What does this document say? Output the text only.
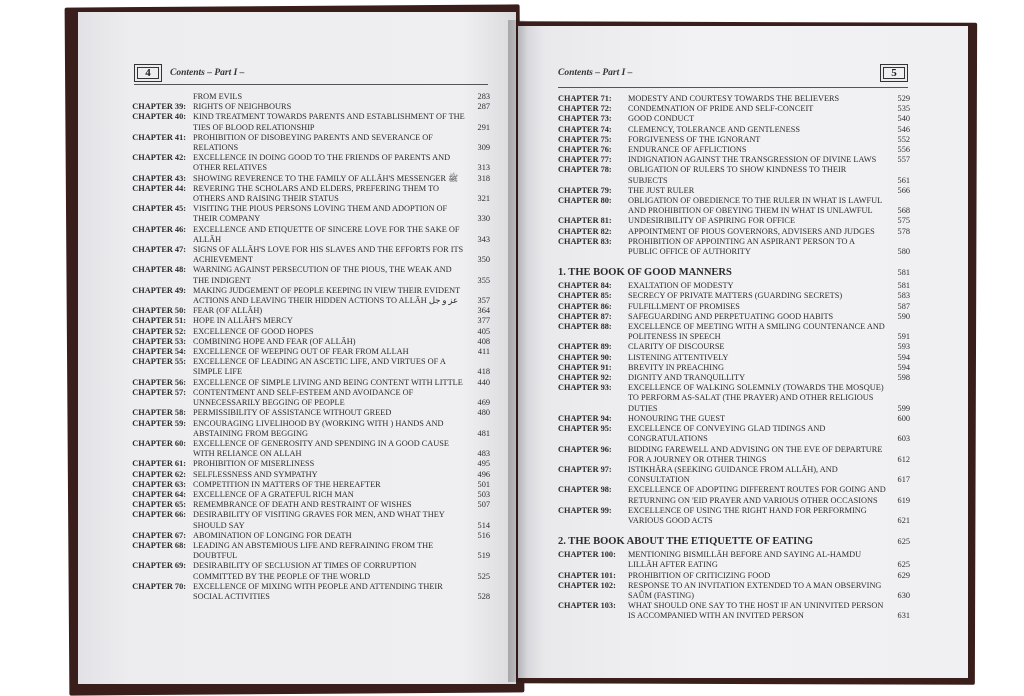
4	Contents – Part I –
FROM EVILS	283
CHAPTER 39: RIGHTS OF NEIGHBOURS	287
CHAPTER 40: KIND TREATMENT TOWARDS PARENTS AND ESTABLISHMENT OF THE TIES OF BLOOD RELATIONSHIP	291
CHAPTER 41: PROHIBITION OF DISOBEYING PARENTS AND SEVERANCE OF RELATIONS	309
CHAPTER 42: EXCELLENCE IN DOING GOOD TO THE FRIENDS OF PARENTS AND OTHER RELATIVES	313
CHAPTER 43: SHOWING REVERENCE TO THE FAMILY OF ALLĀH'S MESSENGER ﷺ	318
CHAPTER 44: REVERING THE SCHOLARS AND ELDERS, PREFERING THEM TO OTHERS AND RAISING THEIR STATUS	321
CHAPTER 45: VISITING THE PIOUS PERSONS LOVING THEM AND ADOPTION OF THEIR COMPANY	330
CHAPTER 46: EXCELLENCE AND ETIQUETTE OF SINCERE LOVE FOR THE SAKE OF ALLĀH	343
CHAPTER 47: SIGNS OF ALLĀH'S LOVE FOR HIS SLAVES AND THE EFFORTS FOR ITS ACHIEVEMENT	350
CHAPTER 48: WARNING AGAINST PERSECUTION OF THE PIOUS, THE WEAK AND THE INDIGENT	355
CHAPTER 49: MAKING JUDGEMENT OF PEOPLE KEEPING IN VIEW THEIR EVIDENT ACTIONS AND LEAVING THEIR HIDDEN ACTIONS TO ALLĀH عز و جل	357
CHAPTER 50: FEAR (OF ALLĀH)	364
CHAPTER 51: HOPE IN ALLĀH'S MERCY	377
CHAPTER 52: EXCELLENCE OF GOOD HOPES	405
CHAPTER 53: COMBINING HOPE AND FEAR (OF ALLĀH)	408
CHAPTER 54: EXCELLENCE OF WEEPING OUT OF FEAR FROM ALLAH	411
CHAPTER 55: EXCELLENCE OF LEADING AN ASCETIC LIFE, AND VIRTUES OF A SIMPLE LIFE	418
CHAPTER 56: EXCELLENCE OF SIMPLE LIVING AND BEING CONTENT WITH LITTLE	440
CHAPTER 57: CONTENTMENT AND SELF-ESTEEM AND AVOIDANCE OF UNNECESSARILY BEGGING OF PEOPLE	469
CHAPTER 58: PERMISSIBILITY OF ASSISTANCE WITHOUT GREED	480
CHAPTER 59: ENCOURAGING LIVELIHOOD BY (WORKING WITH ) HANDS AND ABSTAINING FROM BEGGING	481
CHAPTER 60: EXCELLENCE OF GENEROSITY AND SPENDING IN A GOOD CAUSE WITH RELIANCE ON ALLAH	483
CHAPTER 61: PROHIBITION OF MISERLINESS	495
CHAPTER 62: SELFLESSNESS AND SYMPATHY	496
CHAPTER 63: COMPETITION IN MATTERS OF THE HEREAFTER	501
CHAPTER 64: EXCELLENCE OF A GRATEFUL RICH MAN	503
CHAPTER 65: REMEMBRANCE OF DEATH AND RESTRAINT OF WISHES	507
CHAPTER 66: DESIRABILITY OF VISITING GRAVES FOR MEN, AND WHAT THEY SHOULD SAY	514
CHAPTER 67: ABOMINATION OF LONGING FOR DEATH	516
CHAPTER 68: LEADING AN ABSTEMIOUS LIFE AND REFRAINING FROM THE DOUBTFUL	519
CHAPTER 69: DESIRABILITY OF SECLUSION AT TIMES OF CORRUPTION COMMITTED BY THE PEOPLE OF THE WORLD	525
CHAPTER 70: EXCELLENCE OF MIXING WITH PEOPLE AND ATTENDING THEIR SOCIAL ACTIVITIES	528
Contents – Part I –	5
CHAPTER 71:	MODESTY AND COURTESY TOWARDS THE BELIEVERS	529
CHAPTER 72:	CONDEMNATION OF PRIDE AND SELF-CONCEIT	535
CHAPTER 73:	GOOD CONDUCT	540
CHAPTER 74:	CLEMENCY, TOLERANCE AND GENTLENESS	546
CHAPTER 75:	FORGIVENESS OF THE IGNORANT	552
CHAPTER 76:	ENDURANCE OF AFFLICTIONS	556
CHAPTER 77:	INDIGNATION AGAINST THE TRANSGRESSION OF DIVINE LAWS	557
CHAPTER 78:	OBLIGATION OF RULERS TO SHOW KINDNESS TO THEIR SUBJECTS	561
CHAPTER 79:	THE JUST RULER	566
CHAPTER 80:	OBLIGATION OF OBEDIENCE TO THE RULER IN WHAT IS LAWFUL AND PROHIBITION OF OBEYING THEM IN WHAT IS UNLAWFUL	568
CHAPTER 81:	UNDESIRIBILITY OF ASPIRING FOR OFFICE	575
CHAPTER 82:	APPOINTMENT OF PIOUS GOVERNORS, ADVISERS AND JUDGES	578
CHAPTER 83:	PROHIBITION OF APPOINTING AN ASPIRANT PERSON TO A PUBLIC OFFICE OF AUTHORITY	580
1. THE BOOK OF GOOD MANNERS	581
CHAPTER 84:	EXALTATION OF MODESTY	581
CHAPTER 85:	SECRECY OF PRIVATE MATTERS (GUARDING SECRETS)	583
CHAPTER 86:	FULFILLMENT OF PROMISES	587
CHAPTER 87:	SAFEGUARDING AND PERPETUATING GOOD HABITS	590
CHAPTER 88:	EXCELLENCE OF MEETING WITH A SMILING COUNTENANCE AND POLITENESS IN SPEECH	591
CHAPTER 89:	CLARITY OF DISCOURSE	593
CHAPTER 90:	LISTENING ATTENTIVELY	594
CHAPTER 91:	BREVITY IN PREACHING	594
CHAPTER 92:	DIGNITY AND TRANQUILLITY	598
CHAPTER 93:	EXCELLENCE OF WALKING SOLEMNLY (TOWARDS THE MOSQUE) TO PERFORM AS-SALAT (THE PRAYER) AND OTHER RELIGIOUS DUTIES	599
CHAPTER 94:	HONOURING THE GUEST	600
CHAPTER 95:	EXCELLENCE OF CONVEYING GLAD TIDINGS AND CONGRATULATIONS	603
CHAPTER 96:	BIDDING FAREWELL AND ADVISING ON THE EVE OF DEPARTURE FOR A JOURNEY OR OTHER THINGS	612
CHAPTER 97:	ISTIKHĀRA (SEEKING GUIDANCE FROM ALLĀH), AND CONSULTATION	617
CHAPTER 98:	EXCELLENCE OF ADOPTING DIFFERENT ROUTES FOR GOING AND RETURNING ON 'EID PRAYER AND VARIOUS OTHER OCCASIONS	619
CHAPTER 99:	EXCELLENCE OF USING THE RIGHT HAND FOR PERFORMING VARIOUS GOOD ACTS	621
2. THE BOOK ABOUT THE ETIQUETTE OF EATING	625
CHAPTER 100:	MENTIONING BISMILLĀH BEFORE AND SAYING AL-HAMDU LILLĀH AFTER EATING	625
CHAPTER 101:	PROHIBITION OF CRITICIZING FOOD	629
CHAPTER 102:	RESPONSE TO AN INVITATION EXTENDED TO A MAN OBSERVING SAÛM (FASTING)	630
CHAPTER 103:	WHAT SHOULD ONE SAY TO THE HOST IF AN UNINVITED PERSON IS ACCOMPANIED WITH AN INVITED PERSON	631
